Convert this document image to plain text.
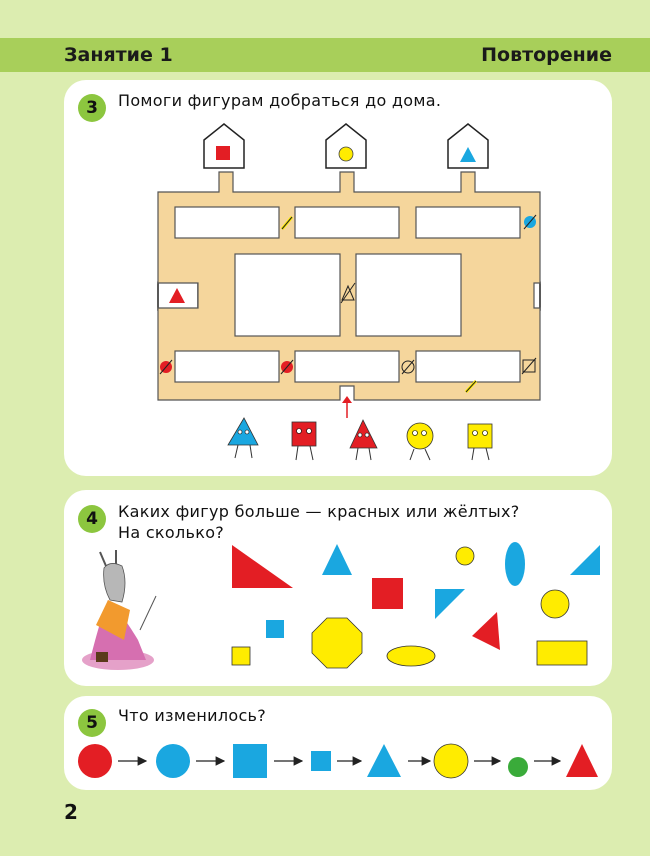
Занятие 1	Повторение
3	Помоги фигурам добраться до дома.
4	Каких фигур больше — красных или жёлтых?
На сколько?
5	Что изменилось?
2
